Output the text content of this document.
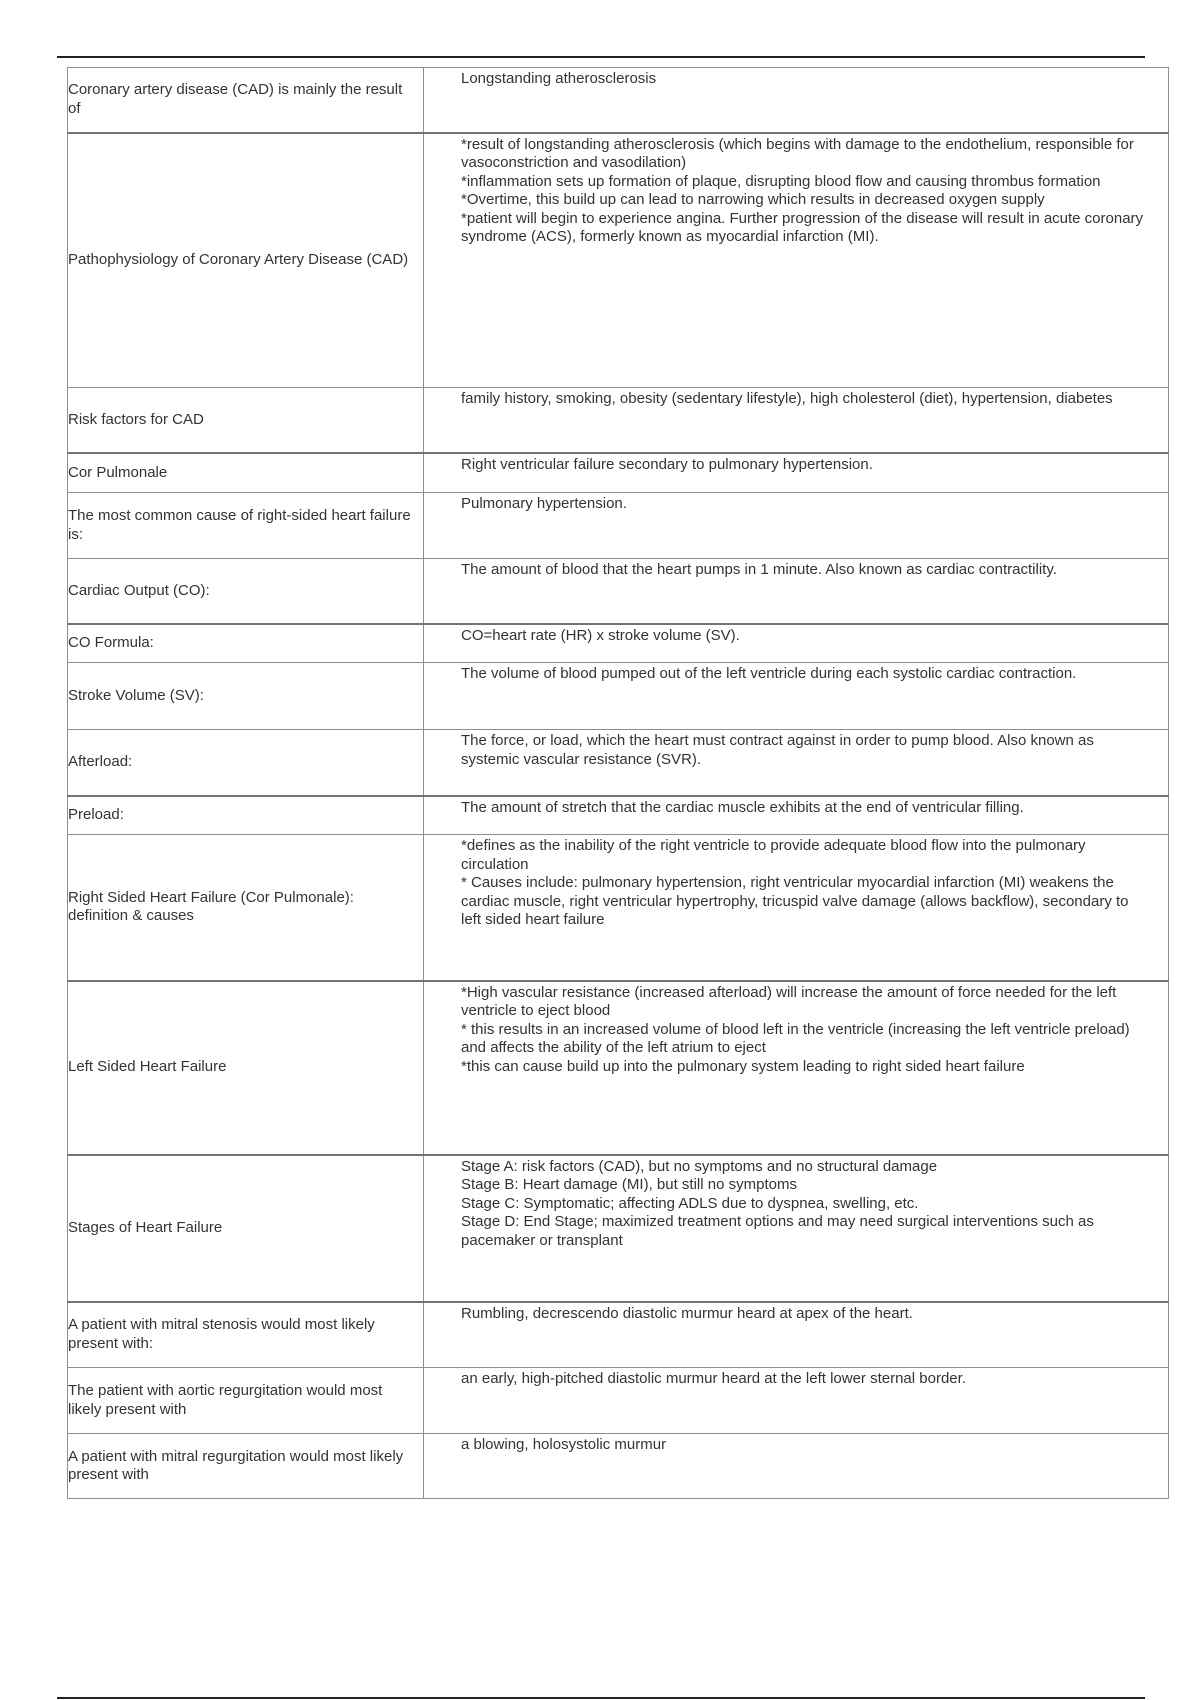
Coronary artery disease (CAD) is mainly the result of	Longstanding atherosclerosis

Pathophysiology of Coronary Artery Disease (CAD)	*result of longstanding atherosclerosis (which begins with damage to the endothelium, responsible for vasoconstriction and vasodilation)
*inflammation sets up formation of plaque, disrupting blood flow and causing thrombus formation
*Overtime, this build up can lead to narrowing which results in decreased oxygen supply
*patient will begin to experience angina. Further progression of the disease will result in acute coronary syndrome (ACS), formerly known as myocardial infarction (MI).

Risk factors for CAD	family history, smoking, obesity (sedentary lifestyle), high cholesterol (diet), hypertension, diabetes

Cor Pulmonale	Right ventricular failure secondary to pulmonary hypertension.

The most common cause of right-sided heart failure is:	Pulmonary hypertension.

Cardiac Output (CO):	The amount of blood that the heart pumps in 1 minute. Also known as cardiac contractility.

CO Formula:	CO=heart rate (HR) x stroke volume (SV).

Stroke Volume (SV):	The volume of blood pumped out of the left ventricle during each systolic cardiac contraction.

Afterload:	The force, or load, which the heart must contract against in order to pump blood. Also known as systemic vascular resistance (SVR).

Preload:	The amount of stretch that the cardiac muscle exhibits at the end of ventricular filling.

Right Sided Heart Failure (Cor Pulmonale): definition & causes	*defines as the inability of the right ventricle to provide adequate blood flow into the pulmonary circulation
* Causes include: pulmonary hypertension, right ventricular myocardial infarction (MI) weakens the cardiac muscle, right ventricular hypertrophy, tricuspid valve damage (allows backflow), secondary to left sided heart failure

Left Sided Heart Failure	*High vascular resistance (increased afterload) will increase the amount of force needed for the left ventricle to eject blood
* this results in an increased volume of blood left in the ventricle (increasing the left ventricle preload) and affects the ability of the left atrium to eject
*this can cause build up into the pulmonary system leading to right sided heart failure

Stages of Heart Failure	Stage A: risk factors (CAD), but no symptoms and no structural damage
Stage B: Heart damage (MI), but still no symptoms
Stage C: Symptomatic; affecting ADLS due to dyspnea, swelling, etc.
Stage D: End Stage; maximized treatment options and may need surgical interventions such as pacemaker or transplant

A patient with mitral stenosis would most likely present with:	Rumbling, decrescendo diastolic murmur heard at apex of the heart.

The patient with aortic regurgitation would most likely present with	an early, high-pitched diastolic murmur heard at the left lower sternal border.

A patient with mitral regurgitation would most likely present with	a blowing, holosystolic murmur
